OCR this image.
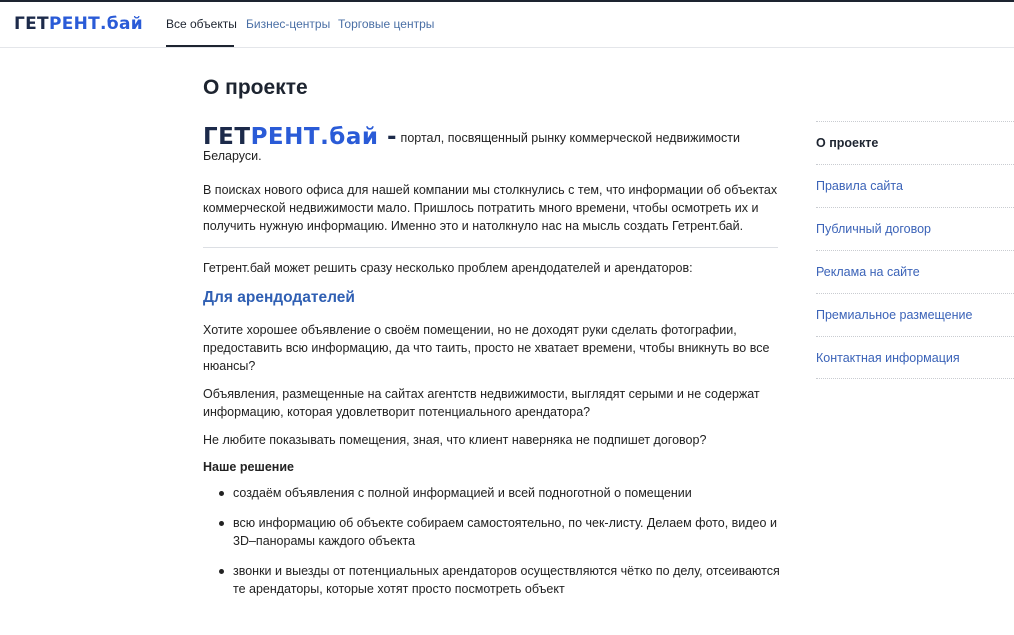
ГЕТРЕНТ.бай Все объекты Бизнес-центры Торговые центры
О проекте

ГЕТРЕНТ.бай - портал, посвященный рынку коммерческой недвижимости Беларуси.

В поисках нового офиса для нашей компании мы столкнулись с тем, что информации об объектах коммерческой недвижимости мало. Пришлось потратить много времени, чтобы осмотреть их и получить нужную информацию. Именно это и натолкнуло нас на мысль создать Гетрент.бай.

Гетрент.бай может решить сразу несколько проблем арендодателей и арендаторов:

Для арендодателей

Хотите хорошее объявление о своём помещении, но не доходят руки сделать фотографии, предоставить всю информацию, да что таить, просто не хватает времени, чтобы вникнуть во все нюансы?

Объявления, размещенные на сайтах агентств недвижимости, выглядят серыми и не содержат информацию, которая удовлетворит потенциального арендатора?

Не любите показывать помещения, зная, что клиент наверняка не подпишет договор?

Наше решение
создаём объявления с полной информацией и всей подноготной о помещении
всю информацию об объекте собираем самостоятельно, по чек-листу. Делаем фото, видео и 3D–панорамы каждого объекта
звонки и выезды от потенциальных арендаторов осуществляются чётко по делу, отсеиваются те арендаторы, которые хотят просто посмотреть объект
О проекте
Правила сайта
Публичный договор
Реклама на сайте
Премиальное размещение
Контактная информация
